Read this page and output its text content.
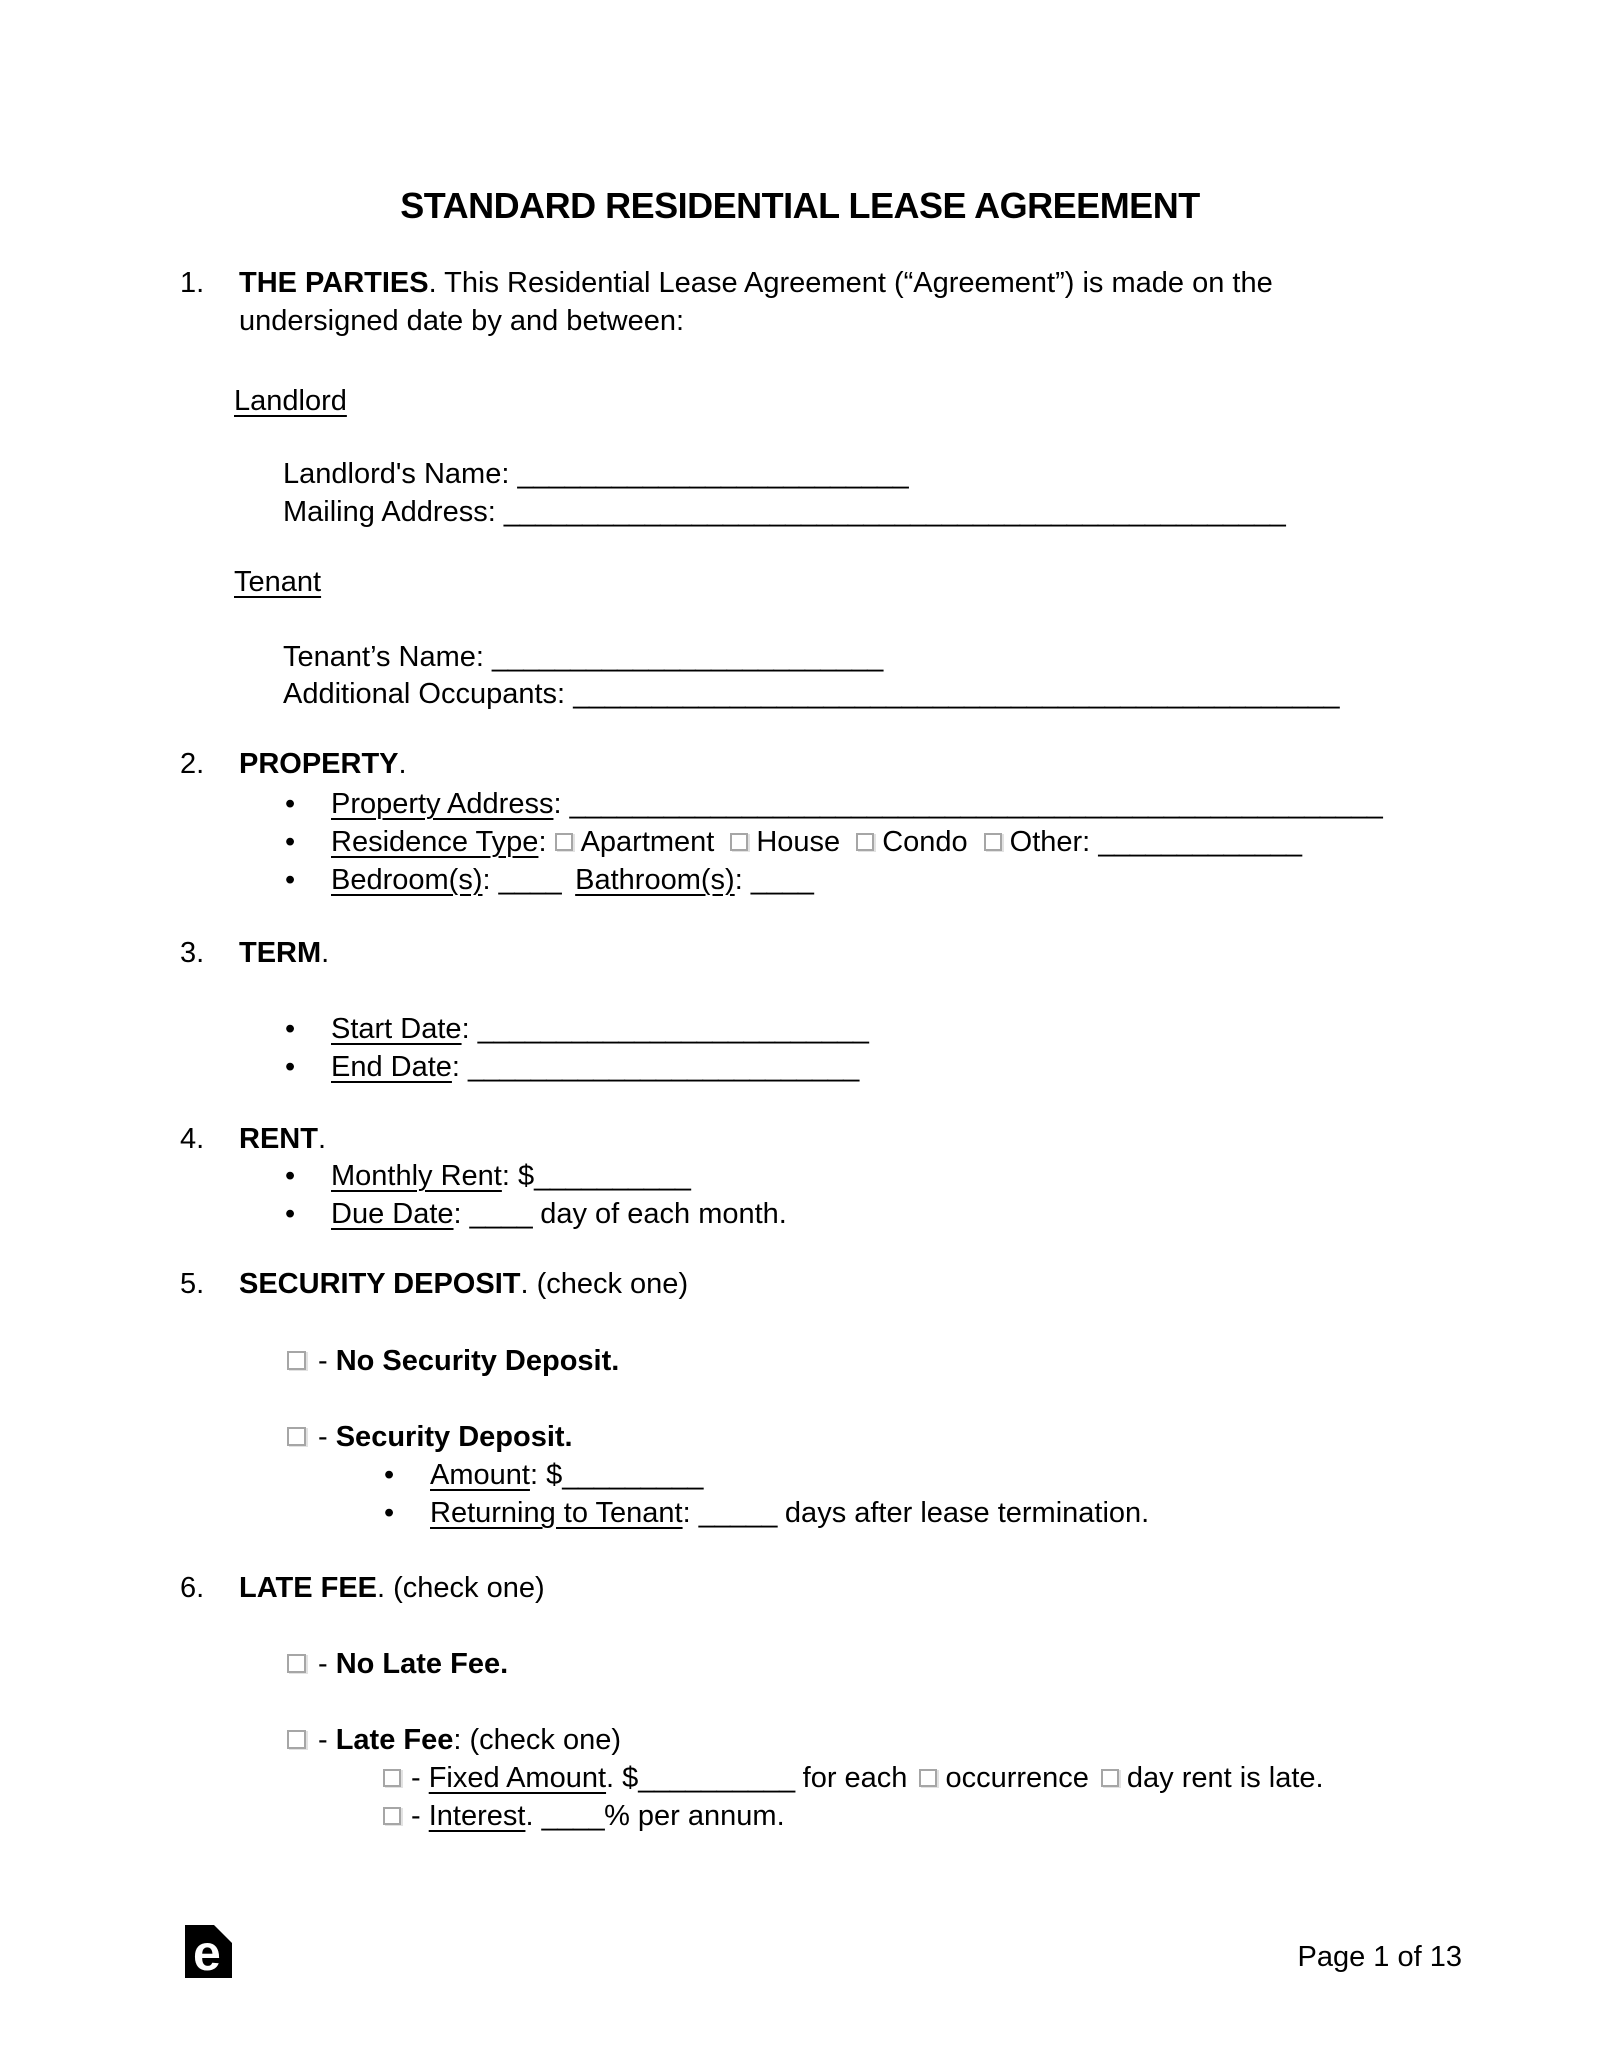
STANDARD RESIDENTIAL LEASE AGREEMENT
1. THE PARTIES. This Residential Lease Agreement (“Agreement”) is made on the undersigned date by and between:
Landlord
Landlord's Name: _________________________
Mailing Address: __________________________________________________
Tenant
Tenant’s Name: _________________________
Additional Occupants: _________________________________________________
2. PROPERTY.
•Property Address: ____________________________________________________
•Residence Type: Apartment House Condo Other: _____________
•Bedroom(s): ____ Bathroom(s): ____
3. TERM.
•Start Date: _________________________
•End Date: _________________________
4. RENT.
•Monthly Rent: $__________
•Due Date: ____ day of each month.
5. SECURITY DEPOSIT. (check one)
- No Security Deposit.
- Security Deposit.
•Amount: $_________
•Returning to Tenant: _____ days after lease termination.
6. LATE FEE. (check one)
- No Late Fee.
- Late Fee: (check one)
- Fixed Amount. $__________ for each occurrence day rent is late.
- Interest. ____% per annum.
e	Page 1 of 13
